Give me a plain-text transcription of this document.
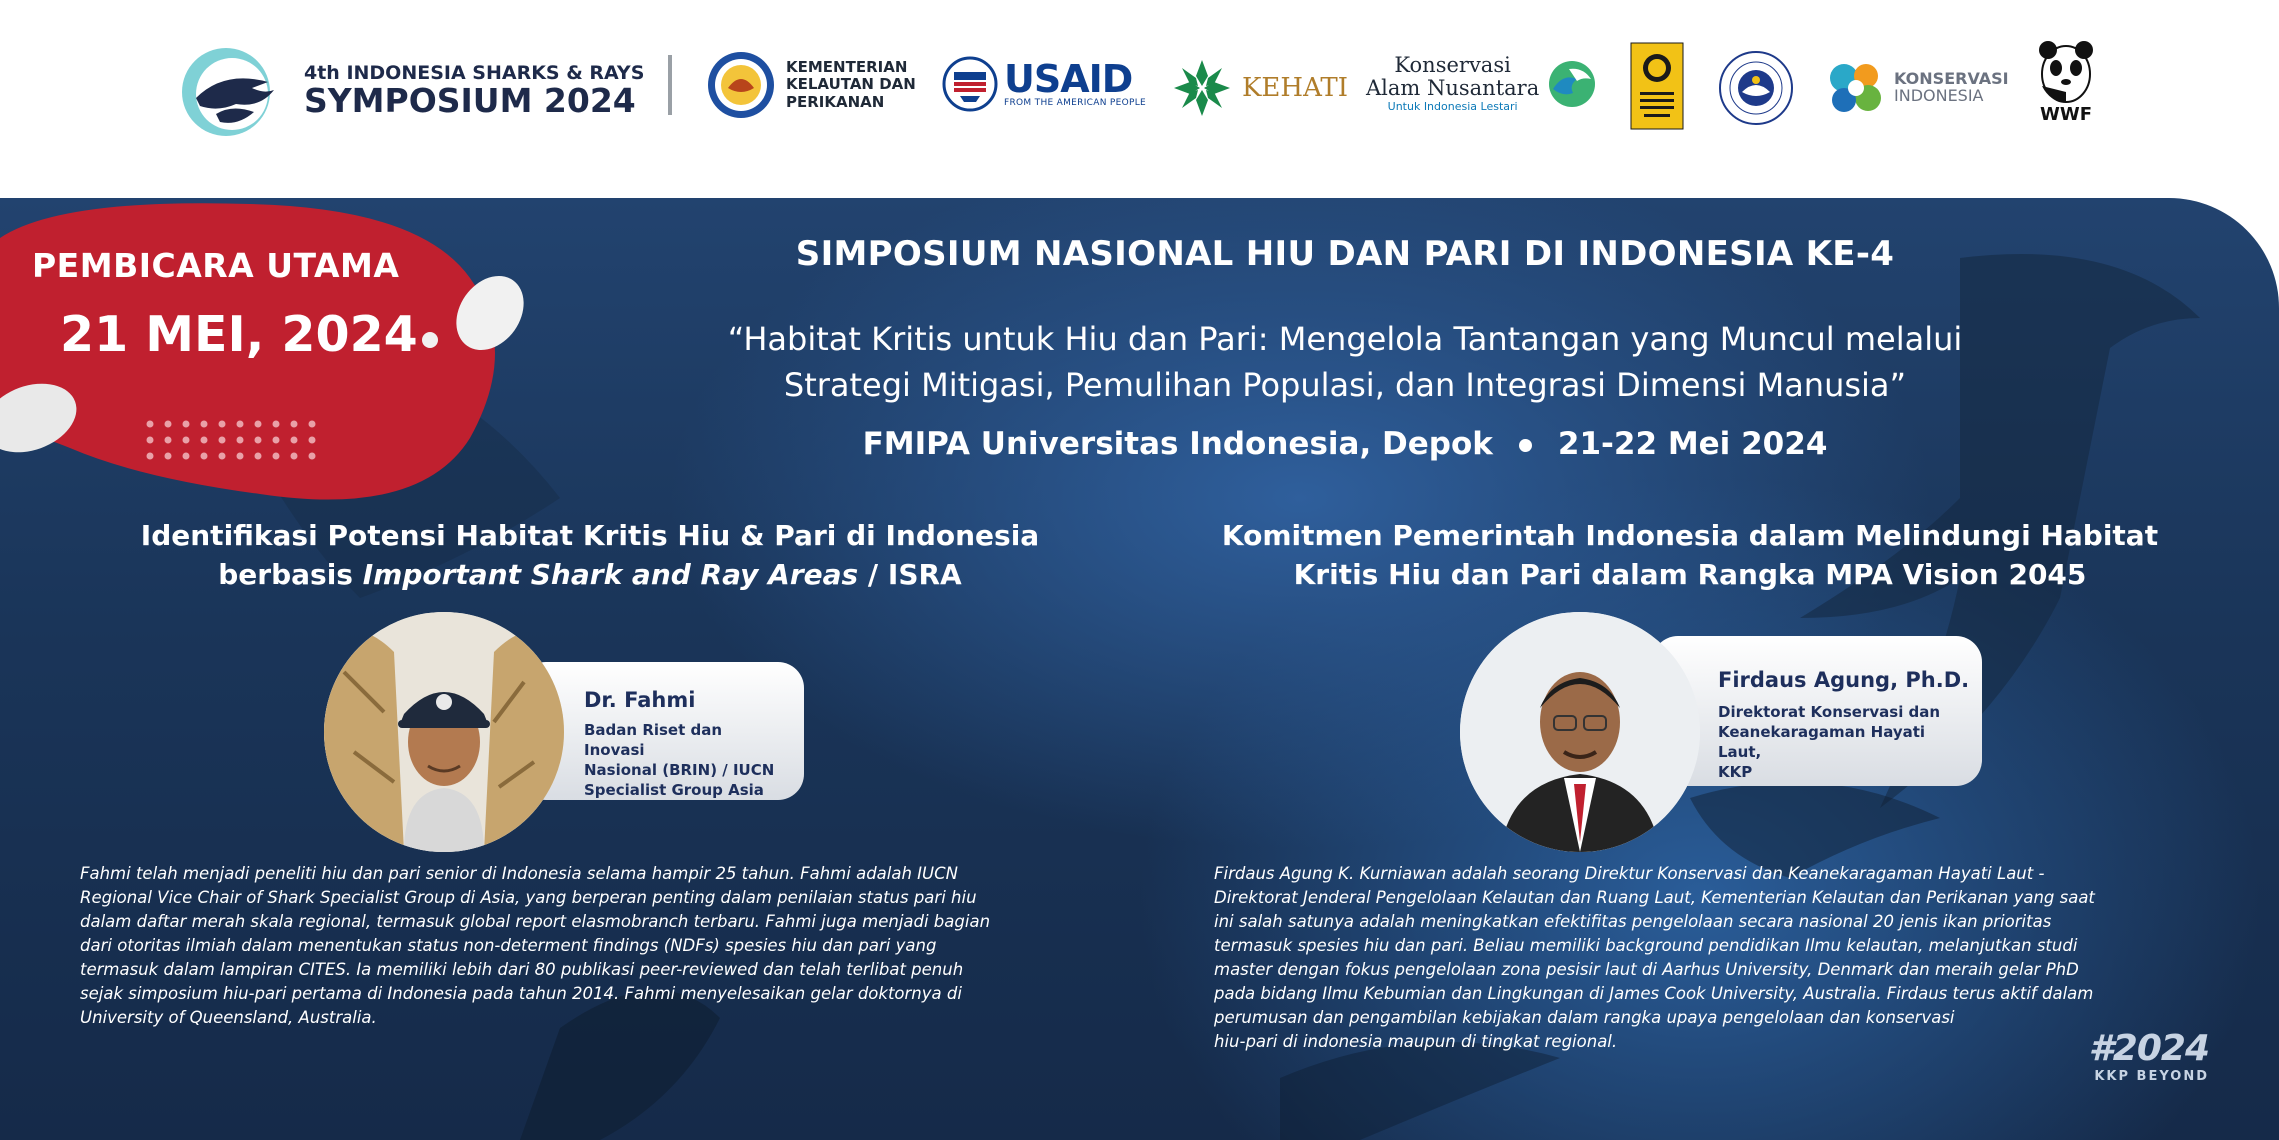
4th INDONESIA SHARKS & RAYS
SYMPOSIUM 2024
KEMENTERIAN
KELAUTAN DAN
PERIKANAN
USAID
FROM THE AMERICAN PEOPLE	KEHATI
Konservasi
Alam Nusantara
Untuk Indonesia Lestari
KONSERVASI
INDONESIA
WWF
PEMBICARA UTAMA
21 MEI, 2024
SIMPOSIUM NASIONAL HIU DAN PARI DI INDONESIA KE-4
“Habitat Kritis untuk Hiu dan Pari: Mengelola Tantangan yang Muncul melalui
Strategi Mitigasi, Pemulihan Populasi, dan Integrasi Dimensi Manusia”
FMIPA Universitas Indonesia, Depok 21-22 Mei 2024
Identifikasi Potensi Habitat Kritis Hiu & Pari di Indonesia
berbasis Important Shark and Ray Areas / ISRA
Dr. Fahmi
Badan Riset dan Inovasi
Nasional (BRIN) / IUCN
Specialist Group Asia
Fahmi telah menjadi peneliti hiu dan pari senior di Indonesia selama hampir 25 tahun. Fahmi adalah IUCN
Regional Vice Chair of Shark Specialist Group di Asia, yang berperan penting dalam penilaian status pari hiu
dalam daftar merah skala regional, termasuk global report elasmobranch terbaru. Fahmi juga menjadi bagian
dari otoritas ilmiah dalam menentukan status non-determent findings (NDFs) spesies hiu dan pari yang
termasuk dalam lampiran CITES. Ia memiliki lebih dari 80 publikasi peer-reviewed dan telah terlibat penuh
sejak simposium hiu-pari pertama di Indonesia pada tahun 2014. Fahmi menyelesaikan gelar doktornya di
University of Queensland, Australia.
Komitmen Pemerintah Indonesia dalam Melindungi Habitat
Kritis Hiu dan Pari dalam Rangka MPA Vision 2045
Firdaus Agung, Ph.D.
Direktorat Konservasi dan
Keanekaragaman Hayati Laut,
KKP
Firdaus Agung K. Kurniawan adalah seorang Direktur Konservasi dan Keanekaragaman Hayati Laut -
Direktorat Jenderal Pengelolaan Kelautan dan Ruang Laut, Kementerian Kelautan dan Perikanan yang saat
ini salah satunya adalah meningkatkan efektifitas pengelolaan secara nasional 20 jenis ikan prioritas
termasuk spesies hiu dan pari. Beliau memiliki background pendidikan Ilmu kelautan, melanjutkan studi
master dengan fokus pengelolaan zona pesisir laut di Aarhus University, Denmark dan meraih gelar PhD
pada bidang Ilmu Kebumian dan Lingkungan di James Cook University, Australia. Firdaus terus aktif dalam
perumusan dan pengambilan kebijakan dalam rangka upaya pengelolaan dan konservasi
hiu-pari di indonesia maupun di tingkat regional.	#2024
KKP BEYOND
